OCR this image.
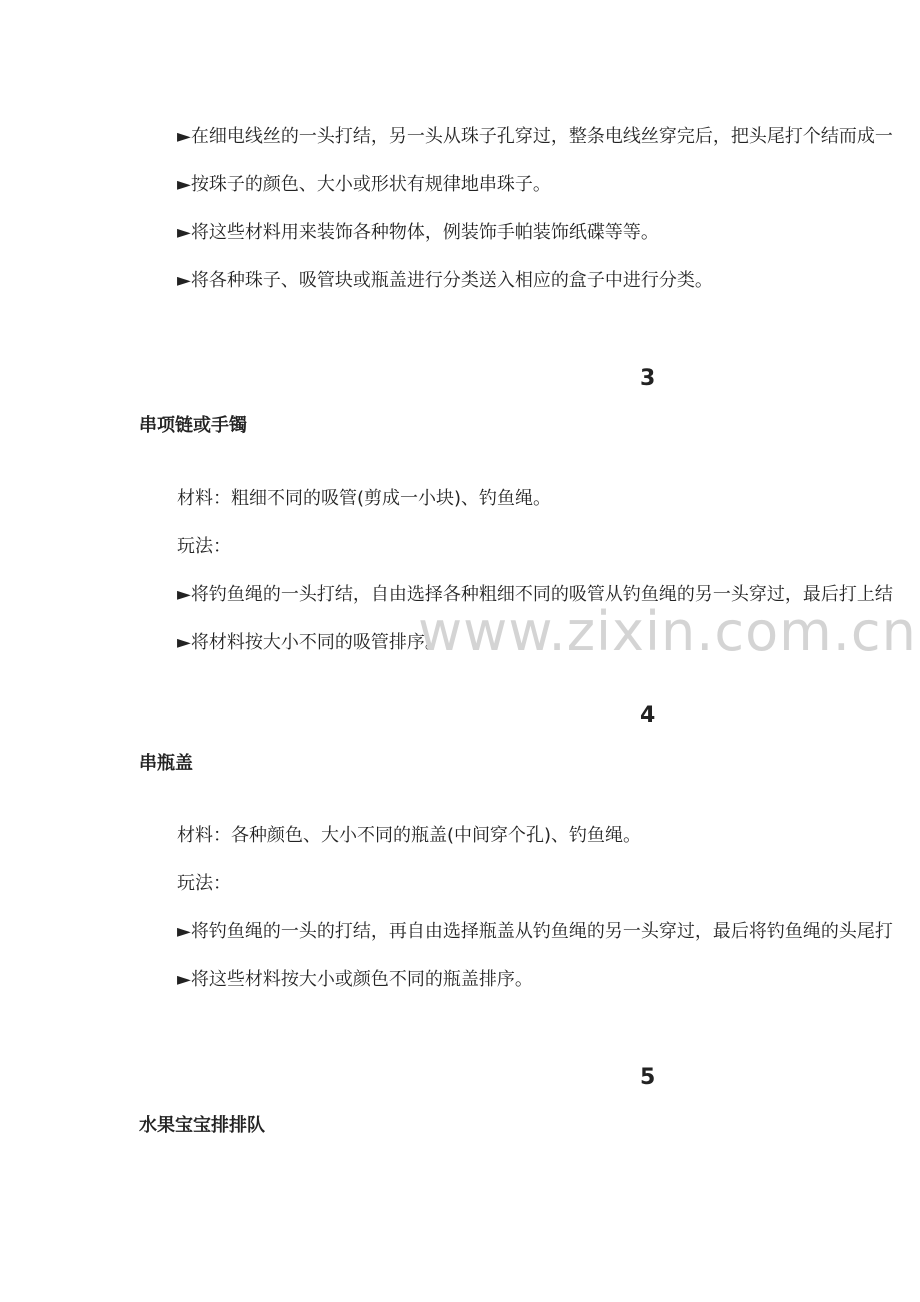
►在细电线丝的一头打结，另一头从珠子孔穿过，整条电线丝穿完后，把头尾打个结而成一
►按珠子的颜色、大小或形状有规律地串珠子。
►将这些材料用来装饰各种物体，例装饰手帕装饰纸碟等等。
►将各种珠子、吸管块或瓶盖进行分类送入相应的盒子中进行分类。
3
串项链或手镯
材料：粗细不同的吸管(剪成一小块)、钓鱼绳。
玩法：
►将钓鱼绳的一头打结，自由选择各种粗细不同的吸管从钓鱼绳的另一头穿过，最后打上结
►将材料按大小不同的吸管排序。
4
串瓶盖
材料：各种颜色、大小不同的瓶盖(中间穿个孔)、钓鱼绳。
玩法：
►将钓鱼绳的一头的打结，再自由选择瓶盖从钓鱼绳的另一头穿过，最后将钓鱼绳的头尾打
►将这些材料按大小或颜色不同的瓶盖排序。
5
水果宝宝排排队
www.zixin.com.cn
